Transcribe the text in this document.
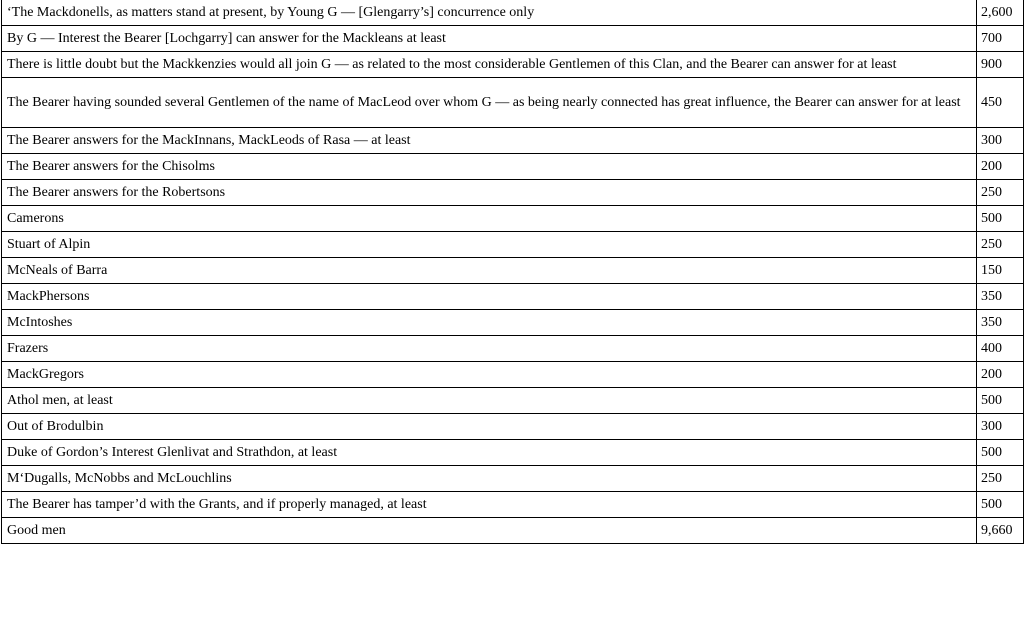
‘The Mackdonells, as matters stand at present, by Young G — [Glengarry’s] concurrence only	2,600
By G — Interest the Bearer [Lochgarry] can answer for the Mackleans at least	700
There is little doubt but the Mackkenzies would all join G — as related to the most considerable Gentlemen of this Clan, and the Bearer can answer for at least	900
The Bearer having sounded several Gentlemen of the name of MacLeod over whom G — as being nearly connected has great influence, the Bearer can answer for at least	450
The Bearer answers for the MackInnans, MackLeods of Rasa — at least	300
The Bearer answers for the Chisolms	200
The Bearer answers for the Robertsons	250
Camerons	500
Stuart of Alpin	250
McNeals of Barra	150
MackPhersons	350
McIntoshes	350
Frazers	400
MackGregors	200
Athol men, at least	500
Out of Brodulbin	300
Duke of Gordon’s Interest Glenlivat and Strathdon, at least	500
M‘Dugalls, McNobbs and McLouchlins	250
The Bearer has tamper’d with the Grants, and if properly managed, at least	500
Good men	9,660
